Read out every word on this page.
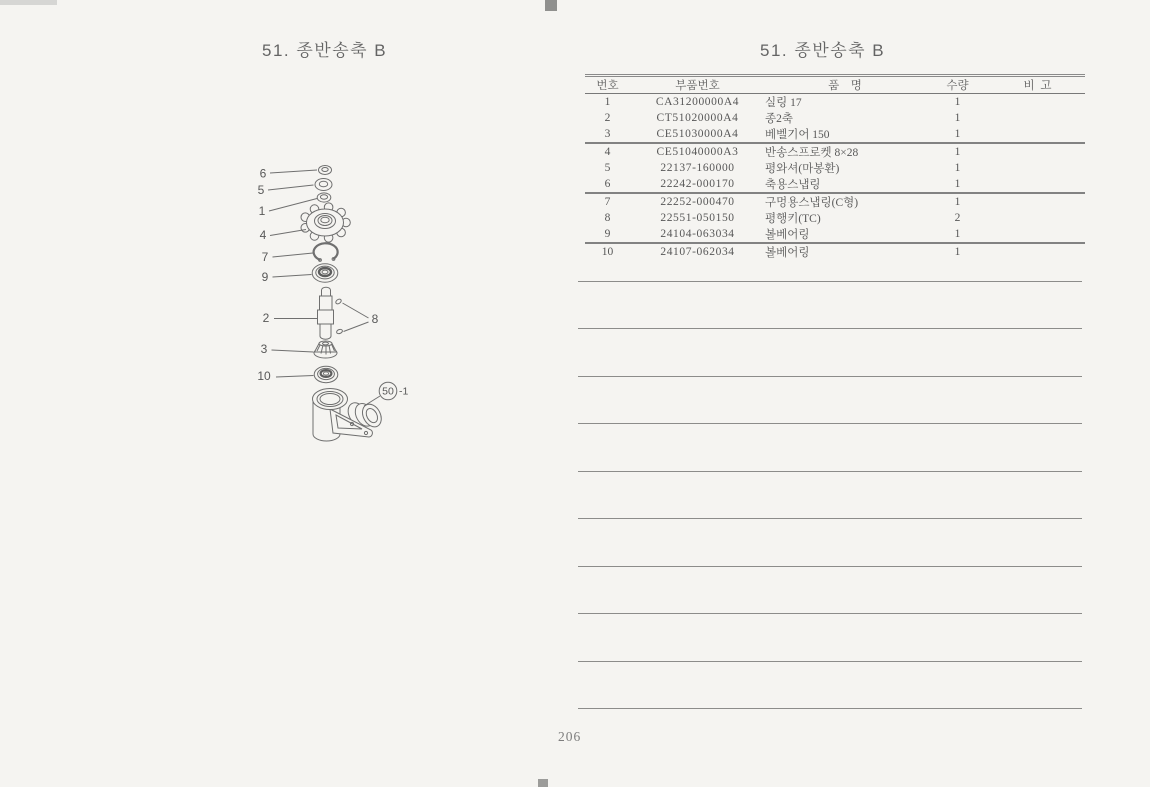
51. 종반송축 B	51. 종반송축 B
6
5
1
4
7
9
2	8
3
10
50 -1
번호	부품번호	품    명	수량	비  고
1	CA31200000A4	실링 17	1	
2	CT51020000A4	종2축	1	
3	CE51030000A4	베벨기어 150	1	
4	CE51040000A3	반송스프로켓 8×28	1	
5	22137-160000	평와셔(마봉환)	1	
6	22242-000170	축용스냅링	1	
7	22252-000470	구멍용스냅링(C형)	1	
8	22551-050150	평행키(TC)	2	
9	24104-063034	볼베어링	1	
10	24107-062034	볼베어링	1	
206
